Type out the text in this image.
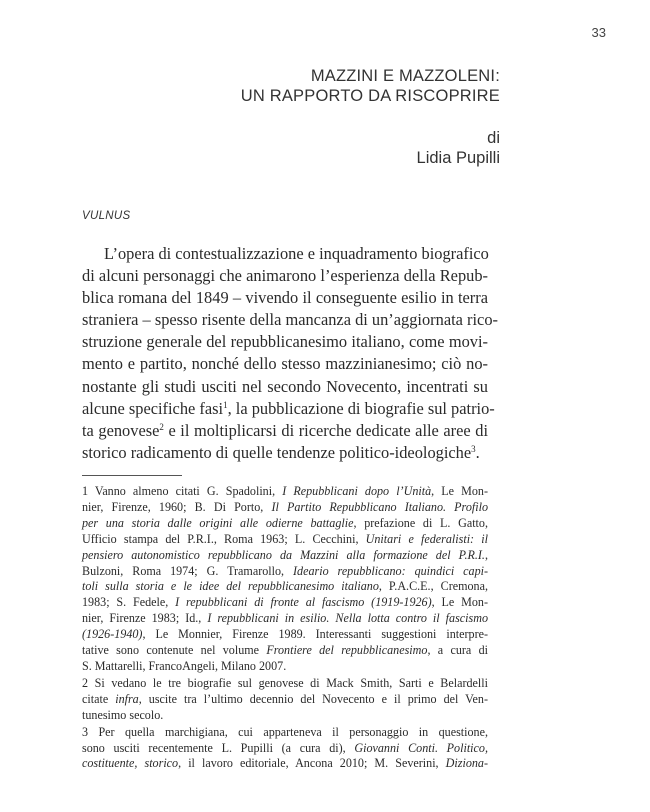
33
MAZZINI E MAZZOLENI:
UN RAPPORTO DA RISCOPRIRE
di
Lidia Pupilli
VULNUS
L’opera di contestualizzazione e inquadramento biografico
di alcuni personaggi che animarono l’esperienza della Repub-
blica romana del 1849 – vivendo il conseguente esilio in terra
straniera – spesso risente della mancanza di un’aggiornata rico-
struzione generale del repubblicanesimo italiano, come movi-
mento e partito, nonché dello stesso mazzinianesimo; ciò no-
nostante gli studi usciti nel secondo Novecento, incentrati su
alcune specifiche fasi$^1$, la pubblicazione di biografie sul patrio-
ta genovese$^2$ e il moltiplicarsi di ricerche dedicate alle aree di
storico radicamento di quelle tendenze politico-ideologiche$^3$.
1 Vanno almeno citati G. Spadolini, I Repubblicani dopo l’Unità, Le Mon-
nier, Firenze, 1960; B. Di Porto, Il Partito Repubblicano Italiano. Profilo
per una storia dalle origini alle odierne battaglie, prefazione di L. Gatto,
Ufficio stampa del P.R.I., Roma 1963; L. Cecchini, Unitari e federalisti: il
pensiero autonomistico repubblicano da Mazzini alla formazione del P.R.I.,
Bulzoni, Roma 1974; G. Tramarollo, Ideario repubblicano: quindici capi-
toli sulla storia e le idee del repubblicanesimo italiano, P.A.C.E., Cremona,
1983; S. Fedele, I repubblicani di fronte al fascismo (1919-1926), Le Mon-
nier, Firenze 1983; Id., I repubblicani in esilio. Nella lotta contro il fascismo
(1926-1940), Le Monnier, Firenze 1989. Interessanti suggestioni interpre-
tative sono contenute nel volume Frontiere del repubblicanesimo, a cura di
S. Mattarelli, FrancoAngeli, Milano 2007.
2 Si vedano le tre biografie sul genovese di Mack Smith, Sarti e Belardelli
citate infra, uscite tra l’ultimo decennio del Novecento e il primo del Ven-
tunesimo secolo.
3 Per quella marchigiana, cui apparteneva il personaggio in questione,
sono usciti recentemente L. Pupilli (a cura di), Giovanni Conti. Politico,
costituente, storico, il lavoro editoriale, Ancona 2010; M. Severini, Diziona-
